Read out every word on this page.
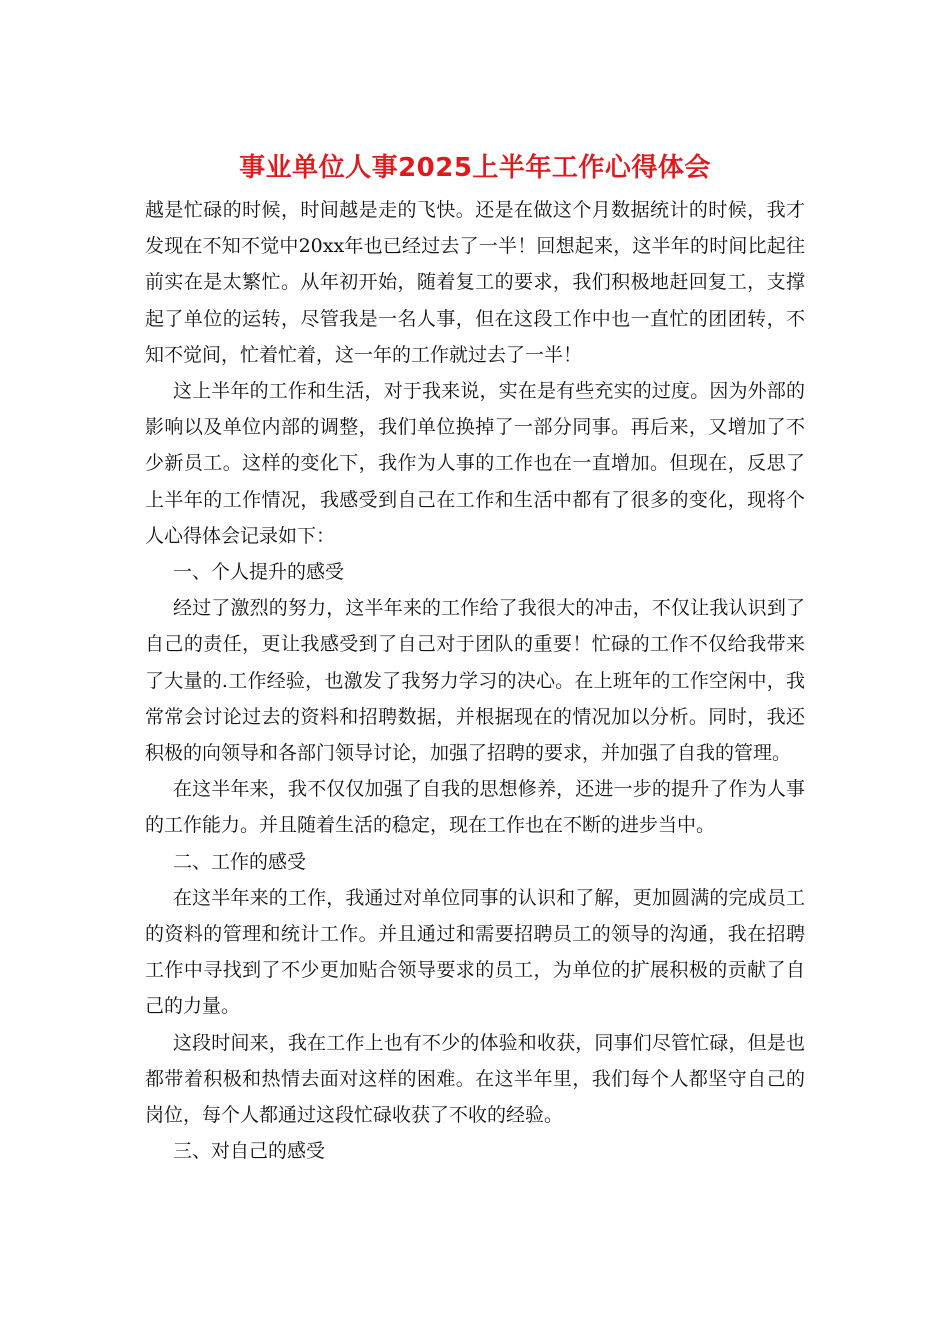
事业单位人事2025上半年工作心得体会

越是忙碌的时候，时间越是走的飞快。还是在做这个月数据统计的时候，我才发现在不知不觉中20xx年也已经过去了一半！回想起来，这半年的时间比起往前实在是太繁忙。从年初开始，随着复工的要求，我们积极地赶回复工，支撑起了单位的运转，尽管我是一名人事，但在这段工作中也一直忙的团团转，不知不觉间，忙着忙着，这一年的工作就过去了一半！

这上半年的工作和生活，对于我来说，实在是有些充实的过度。因为外部的影响以及单位内部的调整，我们单位换掉了一部分同事。再后来，又增加了不少新员工。这样的变化下，我作为人事的工作也在一直增加。但现在，反思了上半年的工作情况，我感受到自己在工作和生活中都有了很多的变化，现将个人心得体会记录如下：

一、个人提升的感受

经过了激烈的努力，这半年来的工作给了我很大的冲击，不仅让我认识到了自己的责任，更让我感受到了自己对于团队的重要！忙碌的工作不仅给我带来了大量的.工作经验，也激发了我努力学习的决心。在上班年的工作空闲中，我常常会讨论过去的资料和招聘数据，并根据现在的情况加以分析。同时，我还积极的向领导和各部门领导讨论，加强了招聘的要求，并加强了自我的管理。

在这半年来，我不仅仅加强了自我的思想修养，还进一步的提升了作为人事的工作能力。并且随着生活的稳定，现在工作也在不断的进步当中。

二、工作的感受

在这半年来的工作，我通过对单位同事的认识和了解，更加圆满的完成员工的资料的管理和统计工作。并且通过和需要招聘员工的领导的沟通，我在招聘工作中寻找到了不少更加贴合领导要求的员工，为单位的扩展积极的贡献了自己的力量。

这段时间来，我在工作上也有不少的体验和收获，同事们尽管忙碌，但是也都带着积极和热情去面对这样的困难。在这半年里，我们每个人都坚守自己的岗位，每个人都通过这段忙碌收获了不收的经验。

三、对自己的感受
